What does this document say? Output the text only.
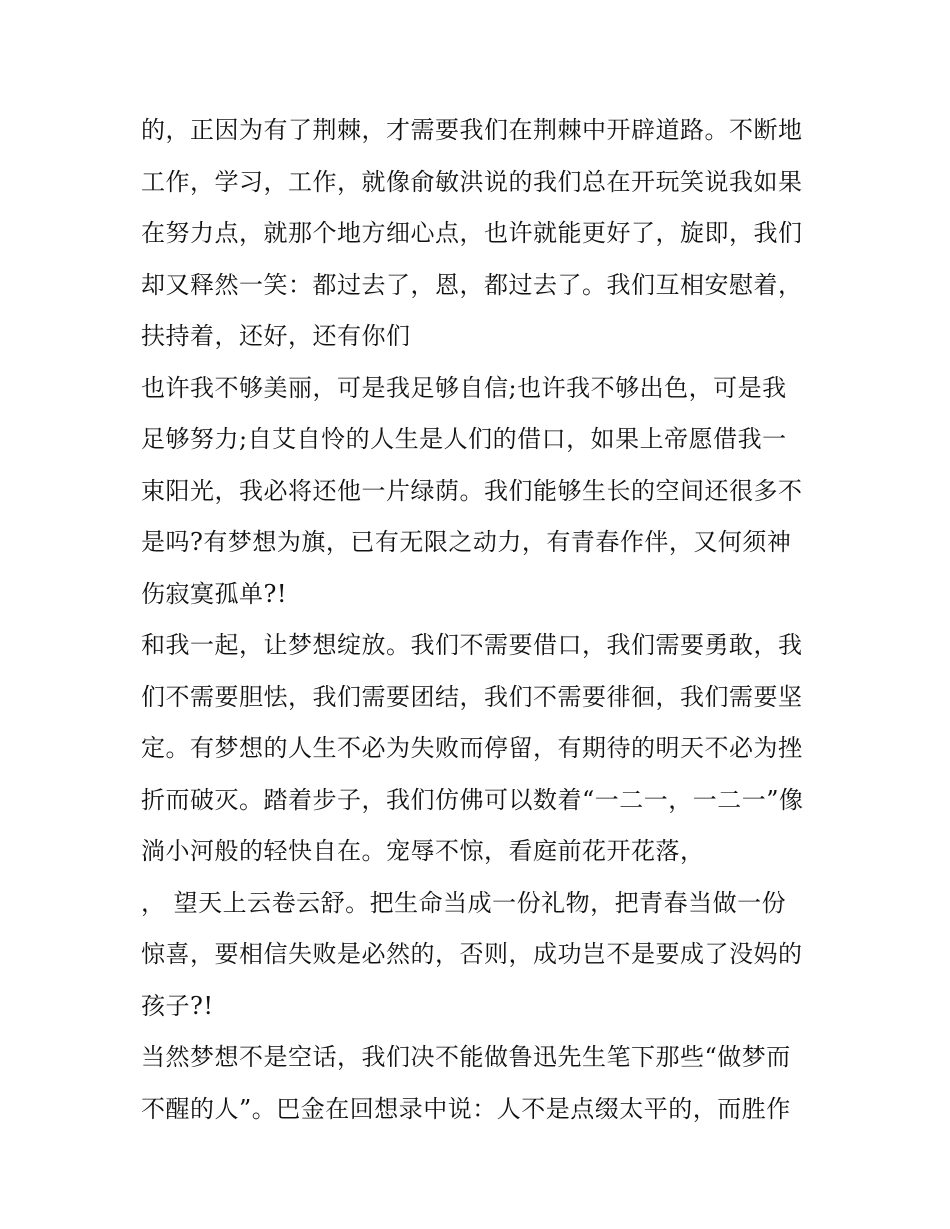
的，正因为有了荆棘，才需要我们在荆棘中开辟道路。不断地
工作，学习，工作，就像俞敏洪说的我们总在开玩笑说我如果
在努力点，就那个地方细心点，也许就能更好了，旋即，我们
却又释然一笑：都过去了，恩，都过去了。我们互相安慰着，
扶持着，还好，还有你们
也许我不够美丽，可是我足够自信;也许我不够出色，可是我
足够努力;自艾自怜的人生是人们的借口，如果上帝愿借我一
束阳光，我必将还他一片绿荫。我们能够生长的空间还很多不
是吗?有梦想为旗，已有无限之动力，有青春作伴，又何须神
伤寂寞孤单?!
和我一起，让梦想绽放。我们不需要借口，我们需要勇敢，我
们不需要胆怯，我们需要团结，我们不需要徘徊，我们需要坚
定。有梦想的人生不必为失败而停留，有期待的明天不必为挫
折而破灭。踏着步子，我们仿佛可以数着“一二一，一二一”像
淌小河般的轻快自在。宠辱不惊，看庭前花开花落，
， 望天上云卷云舒。把生命当成一份礼物，把青春当做一份
惊喜，要相信失败是必然的，否则，成功岂不是要成了没妈的
孩子?!
当然梦想不是空话，我们决不能做鲁迅先生笔下那些“做梦而
不醒的人”。巴金在回想录中说：人不是点缀太平的，而胜作
